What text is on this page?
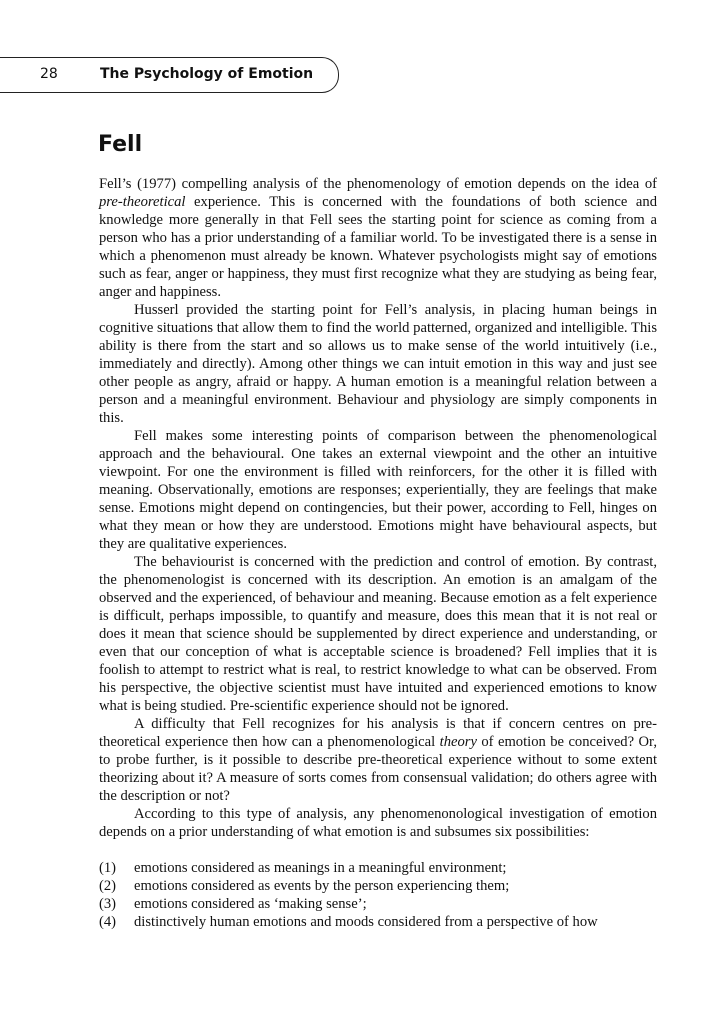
28	The Psychology of Emotion
Fell

Fell’s (1977) compelling analysis of the phenomenology of emotion depends on the idea of pre-theoretical experience. This is concerned with the foundations of both science and knowledge more generally in that Fell sees the starting point for science as coming from a person who has a prior understanding of a familiar world. To be investigated there is a sense in which a phenomenon must already be known. Whatever psychologists might say of emotions such as fear, anger or happiness, they must first recognize what they are studying as being fear, anger and happiness.

Husserl provided the starting point for Fell’s analysis, in placing human beings in cognitive situations that allow them to find the world patterned, organized and intelligible. This ability is there from the start and so allows us to make sense of the world intuitively (i.e., immediately and directly). Among other things we can intuit emotion in this way and just see other people as angry, afraid or happy. A human emotion is a meaningful relation between a person and a meaningful environment. Behaviour and physiology are simply components in this.

Fell makes some interesting points of comparison between the phenomenological approach and the behavioural. One takes an external viewpoint and the other an intuitive viewpoint. For one the environment is filled with reinforcers, for the other it is filled with meaning. Observationally, emotions are responses; experientially, they are feelings that make sense. Emotions might depend on contingencies, but their power, according to Fell, hinges on what they mean or how they are understood. Emotions might have behavioural aspects, but they are qualitative experiences.

The behaviourist is concerned with the prediction and control of emotion. By contrast, the phenomenologist is concerned with its description. An emotion is an amalgam of the observed and the experienced, of behaviour and meaning. Because emotion as a felt experience is difficult, perhaps impossible, to quantify and measure, does this mean that it is not real or does it mean that science should be supplemented by direct experience and understanding, or even that our conception of what is acceptable science is broadened? Fell implies that it is foolish to attempt to restrict what is real, to restrict knowledge to what can be observed. From his perspective, the objective scientist must have intuited and experienced emotions to know what is being studied. Pre-scientific experience should not be ignored.

A difficulty that Fell recognizes for his analysis is that if concern centres on pre-theoretical experience then how can a phenomenological theory of emotion be conceived? Or, to probe further, is it possible to describe pre-theoretical experience without to some extent theorizing about it? A measure of sorts comes from consensual validation; do others agree with the description or not?

According to this type of analysis, any phenomenonological investigation of emotion depends on a prior understanding of what emotion is and subsumes six possibilities:

(1)	emotions considered as meanings in a meaningful environment;
(2)	emotions considered as events by the person experiencing them;
(3)	emotions considered as ‘making sense’;
(4)	distinctively human emotions and moods considered from a perspective of how
